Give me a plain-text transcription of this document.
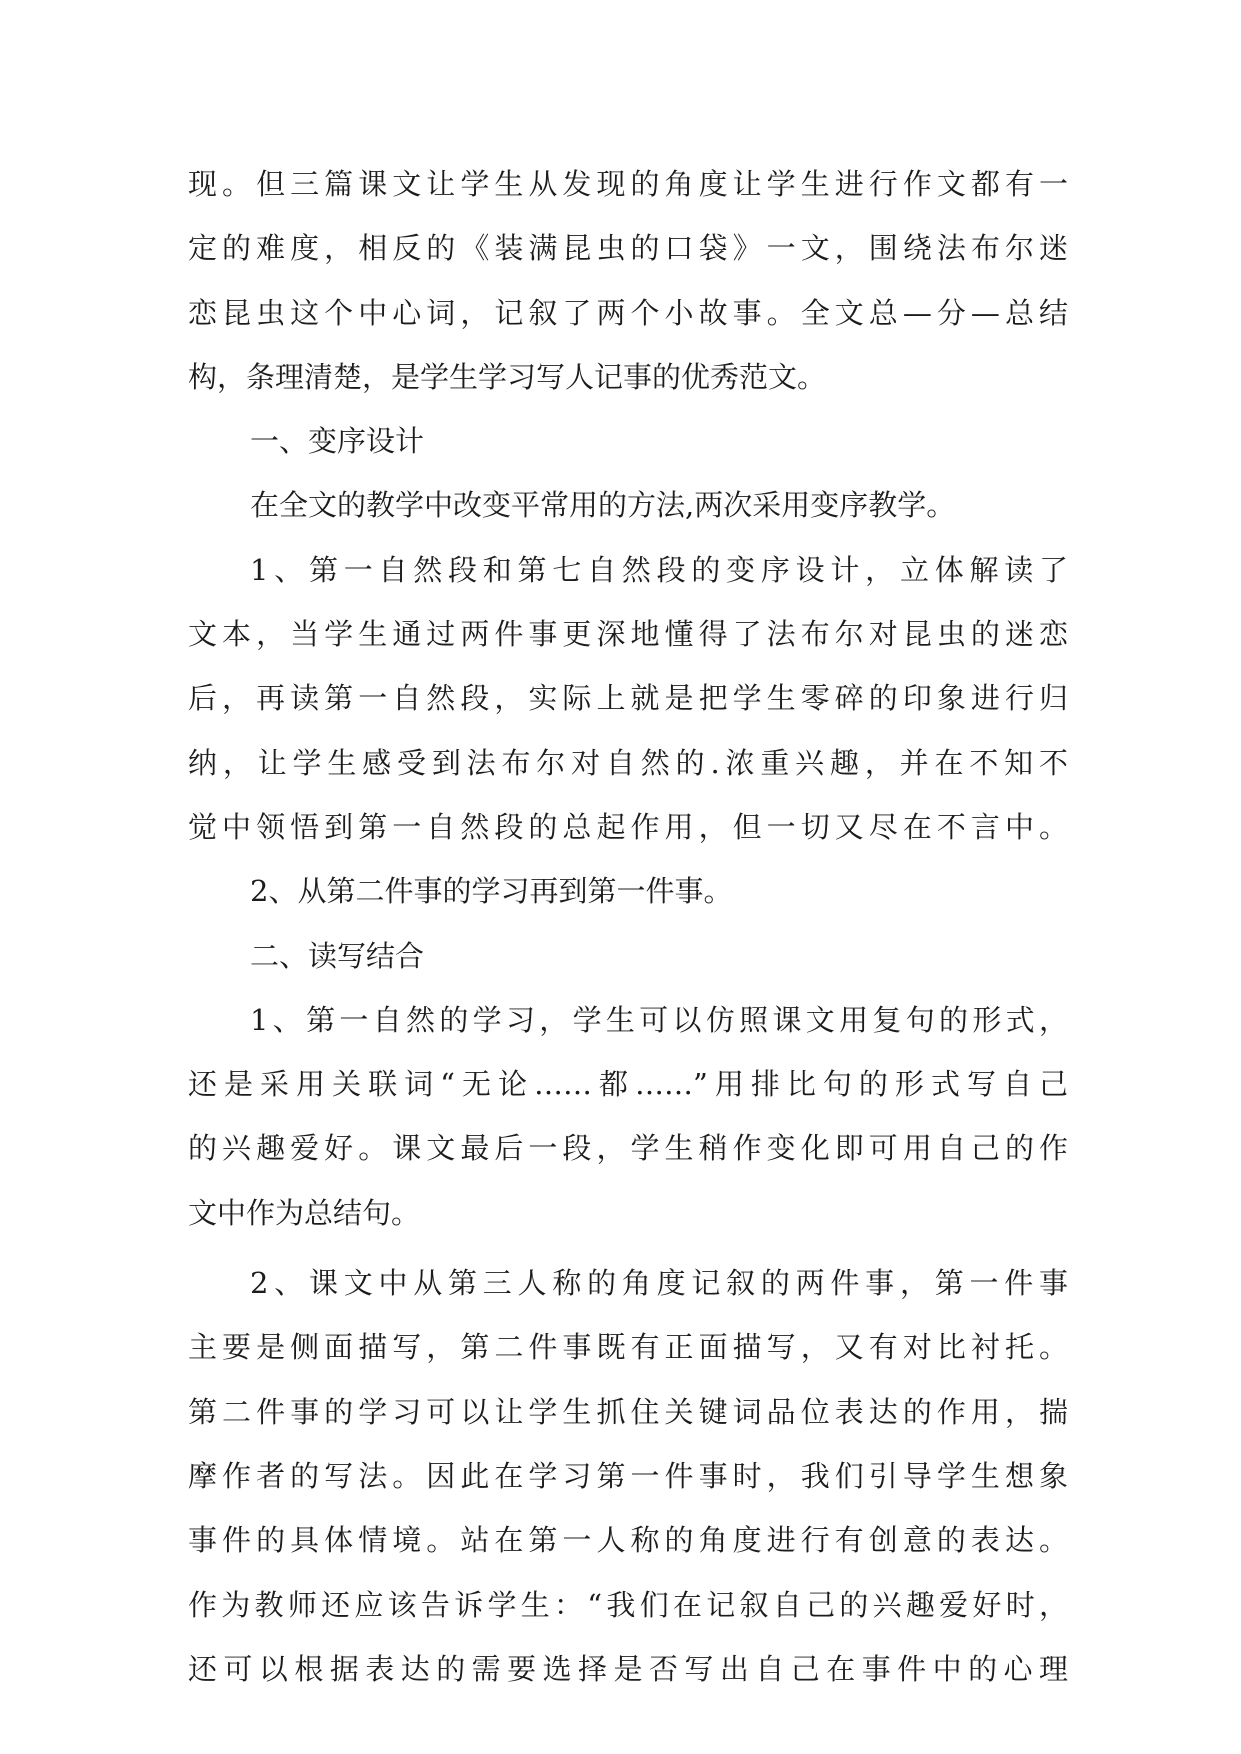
现。但三篇课文让学生从发现的角度让学生进行作文都有一
定的难度，相反的《装满昆虫的口袋》一文，围绕法布尔迷
恋昆虫这个中心词，记叙了两个小故事。全文总—分—总结
构，条理清楚，是学生学习写人记事的优秀范文。
一、变序设计
在全文的教学中改变平常用的方法,两次采用变序教学。
1、第一自然段和第七自然段的变序设计，立体解读了
文本，当学生通过两件事更深地懂得了法布尔对昆虫的迷恋
后，再读第一自然段，实际上就是把学生零碎的印象进行归
纳，让学生感受到法布尔对自然的.浓重兴趣，并在不知不
觉中领悟到第一自然段的总起作用，但一切又尽在不言中。
2、从第二件事的学习再到第一件事。
二、读写结合
1、第一自然的学习，学生可以仿照课文用复句的形式，
还是采用关联词“无论……都……”用排比句的形式写自己
的兴趣爱好。课文最后一段，学生稍作变化即可用自己的作
文中作为总结句。
2、课文中从第三人称的角度记叙的两件事，第一件事
主要是侧面描写，第二件事既有正面描写，又有对比衬托。
第二件事的学习可以让学生抓住关键词品位表达的作用，揣
摩作者的写法。因此在学习第一件事时，我们引导学生想象
事件的具体情境。站在第一人称的角度进行有创意的表达。
作为教师还应该告诉学生：“我们在记叙自己的兴趣爱好时，
还可以根据表达的需要选择是否写出自己在事件中的心理
